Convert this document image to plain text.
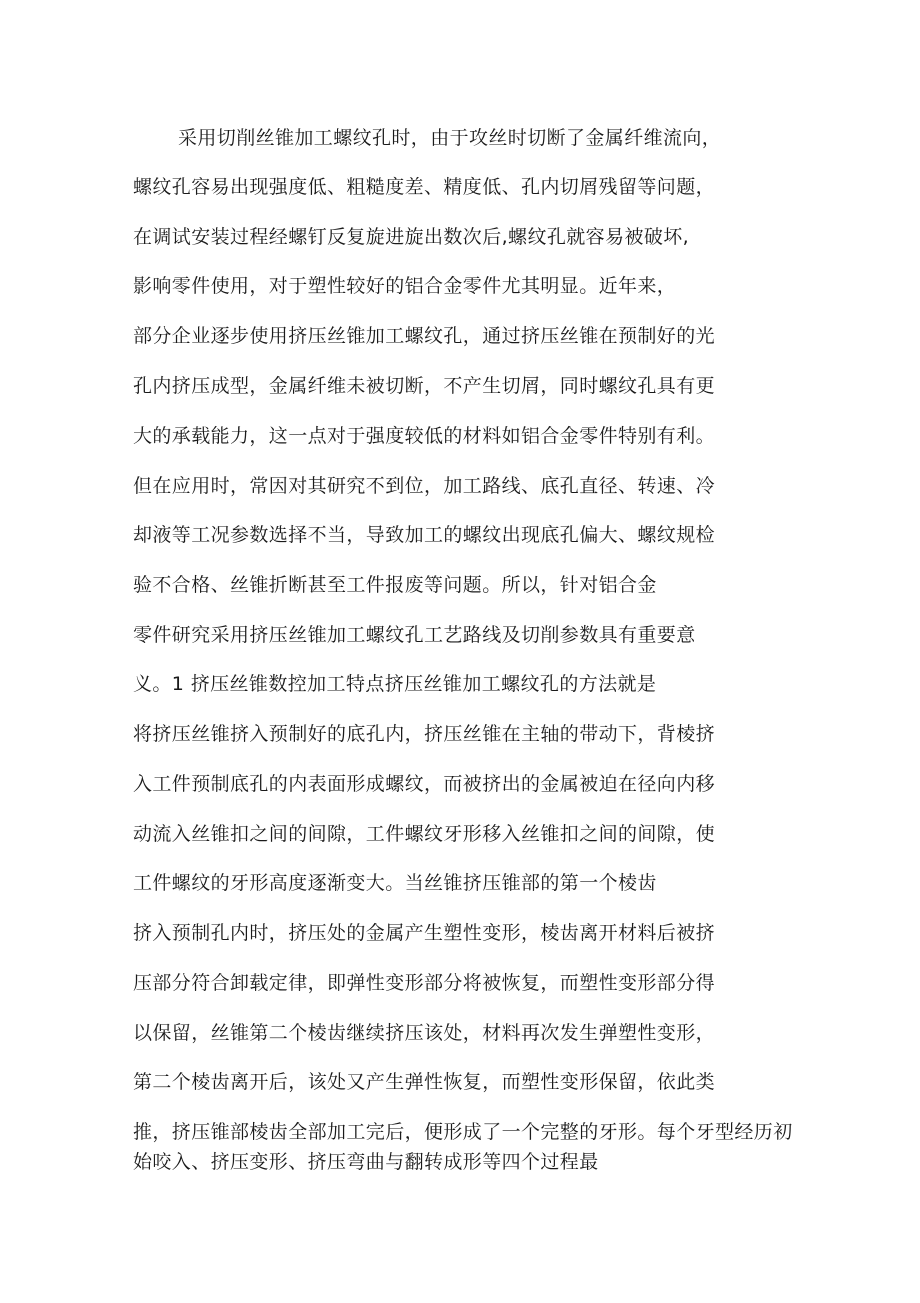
采用切削丝锥加工螺纹孔时，由于攻丝时切断了金属纤维流向，
螺纹孔容易出现强度低、粗糙度差、精度低、孔内切屑残留等问题，
在调试安装过程经螺钉反复旋进旋出数次后,螺纹孔就容易被破坏,
影响零件使用，对于塑性较好的铝合金零件尤其明显。近年来，
部分企业逐步使用挤压丝锥加工螺纹孔，通过挤压丝锥在预制好的光
孔内挤压成型，金属纤维未被切断，不产生切屑，同时螺纹孔具有更
大的承载能力，这一点对于强度较低的材料如铝合金零件特别有利。
但在应用时，常因对其研究不到位，加工路线、底孔直径、转速、冷
却液等工况参数选择不当，导致加工的螺纹出现底孔偏大、螺纹规检
验不合格、丝锥折断甚至工件报废等问题。所以，针对铝合金
零件研究采用挤压丝锥加工螺纹孔工艺路线及切削参数具有重要意
义。1 挤压丝锥数控加工特点挤压丝锥加工螺纹孔的方法就是
将挤压丝锥挤入预制好的底孔内，挤压丝锥在主轴的带动下，背棱挤
入工件预制底孔的内表面形成螺纹，而被挤出的金属被迫在径向内移
动流入丝锥扣之间的间隙，工件螺纹牙形移入丝锥扣之间的间隙，使
工件螺纹的牙形高度逐渐变大。当丝锥挤压锥部的第一个棱齿
挤入预制孔内时，挤压处的金属产生塑性变形，棱齿离开材料后被挤
压部分符合卸载定律，即弹性变形部分将被恢复，而塑性变形部分得
以保留，丝锥第二个棱齿继续挤压该处，材料再次发生弹塑性变形，
第二个棱齿离开后，该处又产生弹性恢复，而塑性变形保留，依此类
推，挤压锥部棱齿全部加工完后，便形成了一个完整的牙形。每个牙型经历初
始咬入、挤压变形、挤压弯曲与翻转成形等四个过程最
